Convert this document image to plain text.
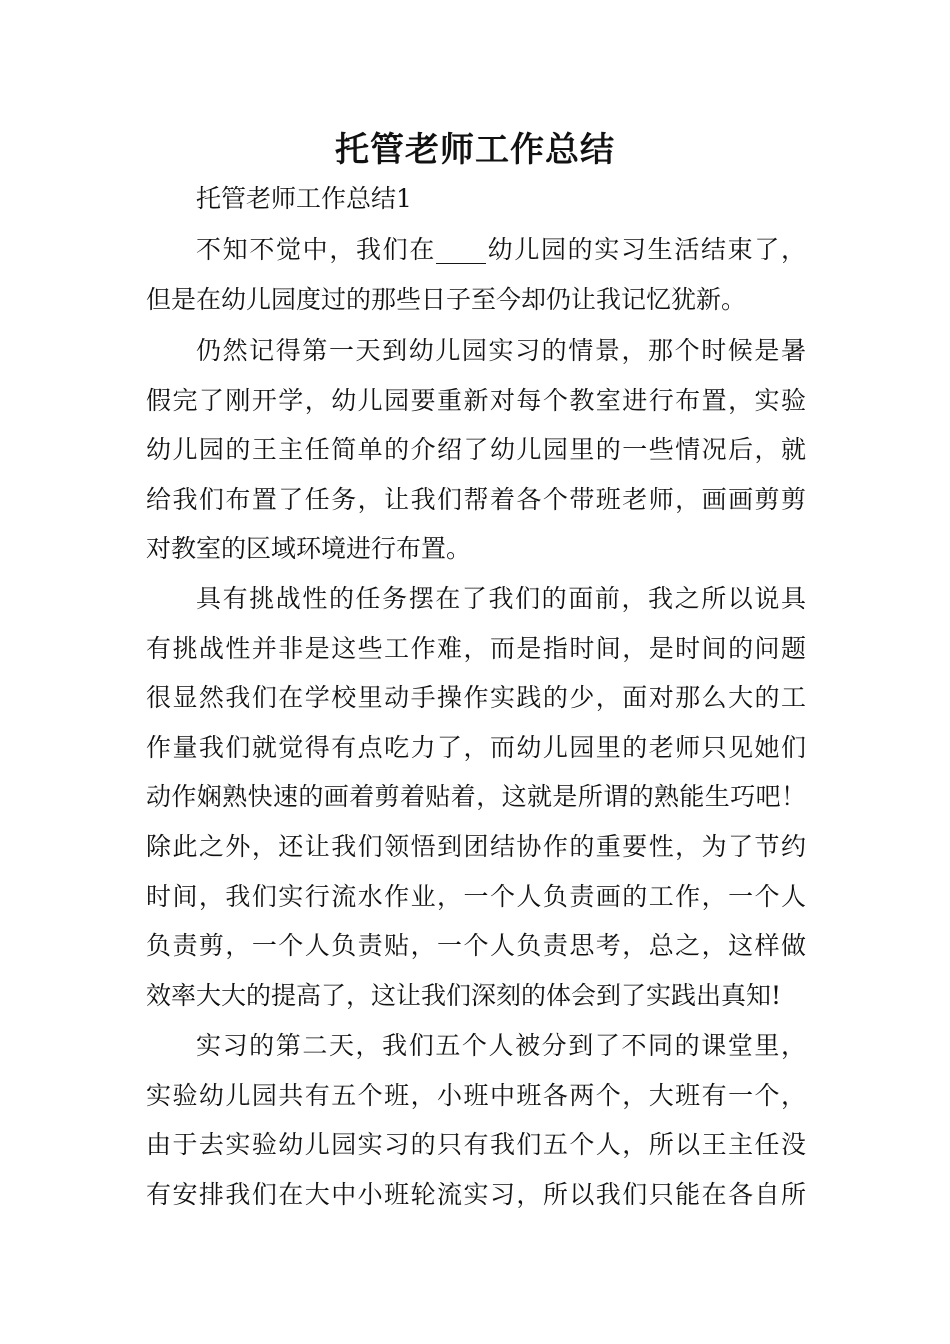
托管老师工作总结

托管老师工作总结1

不知不觉中，我们在____幼儿园的实习生活结束了，
但是在幼儿园度过的那些日子至今却仍让我记忆犹新。
仍然记得第一天到幼儿园实习的情景，那个时候是暑
假完了刚开学，幼儿园要重新对每个教室进行布置，实验
幼儿园的王主任简单的介绍了幼儿园里的一些情况后，就
给我们布置了任务，让我们帮着各个带班老师，画画剪剪
对教室的区域环境进行布置。
具有挑战性的任务摆在了我们的面前，我之所以说具
有挑战性并非是这些工作难，而是指时间，是时间的问题
很显然我们在学校里动手操作实践的少，面对那么大的工
作量我们就觉得有点吃力了，而幼儿园里的老师只见她们
动作娴熟快速的画着剪着贴着，这就是所谓的熟能生巧吧！
除此之外，还让我们领悟到团结协作的重要性，为了节约
时间，我们实行流水作业，一个人负责画的工作，一个人
负责剪，一个人负责贴，一个人负责思考，总之，这样做
效率大大的提高了，这让我们深刻的体会到了实践出真知!
实习的第二天，我们五个人被分到了不同的课堂里，
实验幼儿园共有五个班，小班中班各两个，大班有一个，
由于去实验幼儿园实习的只有我们五个人，所以王主任没
有安排我们在大中小班轮流实习，所以我们只能在各自所
